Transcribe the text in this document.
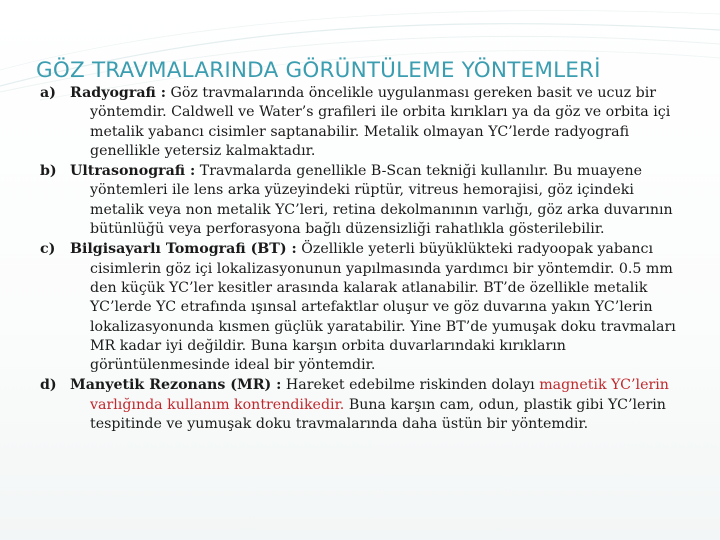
GÖZ TRAVMALARINDA GÖRÜNTÜLEME YÖNTEMLERİ

a) Radyografi : Göz travmalarında öncelikle uygulanması gereken basit ve ucuz bir yöntemdir. Caldwell ve Water’s grafileri ile orbita kırıkları ya da göz ve orbita içi metalik yabancı cisimler saptanabilir. Metalik olmayan YC’lerde radyografi genellikle yetersiz kalmaktadır.

b) Ultrasonografi : Travmalarda genellikle B-Scan tekniği kullanılır. Bu muayene yöntemleri ile lens arka yüzeyindeki rüptür, vitreus hemorajisi, göz içindeki metalik veya non metalik YC’leri, retina dekolmanının varlığı, göz arka duvarının bütünlüğü veya perforasyona bağlı düzensizliği rahatlıkla gösterilebilir.

c) Bilgisayarlı Tomografi (BT) : Özellikle yeterli büyüklükteki radyoopak yabancı cisimlerin göz içi lokalizasyonunun yapılmasında yardımcı bir yöntemdir. 0.5 mm den küçük YC’ler kesitler arasında kalarak atlanabilir. BT’de özellikle metalik YC’lerde YC etrafında ışınsal artefaktlar oluşur ve göz duvarına yakın YC’lerin lokalizasyonunda kısmen güçlük yaratabilir. Yine BT’de yumuşak doku travmaları MR kadar iyi değildir. Buna karşın orbita duvarlarındaki kırıkların görüntülenmesinde ideal bir yöntemdir.

d) Manyetik Rezonans (MR) : Hareket edebilme riskinden dolayı magnetik YC’lerin varlığında kullanım kontrendikedir. Buna karşın cam, odun, plastik gibi YC’lerin tespitinde ve yumuşak doku travmalarında daha üstün bir yöntemdir.
